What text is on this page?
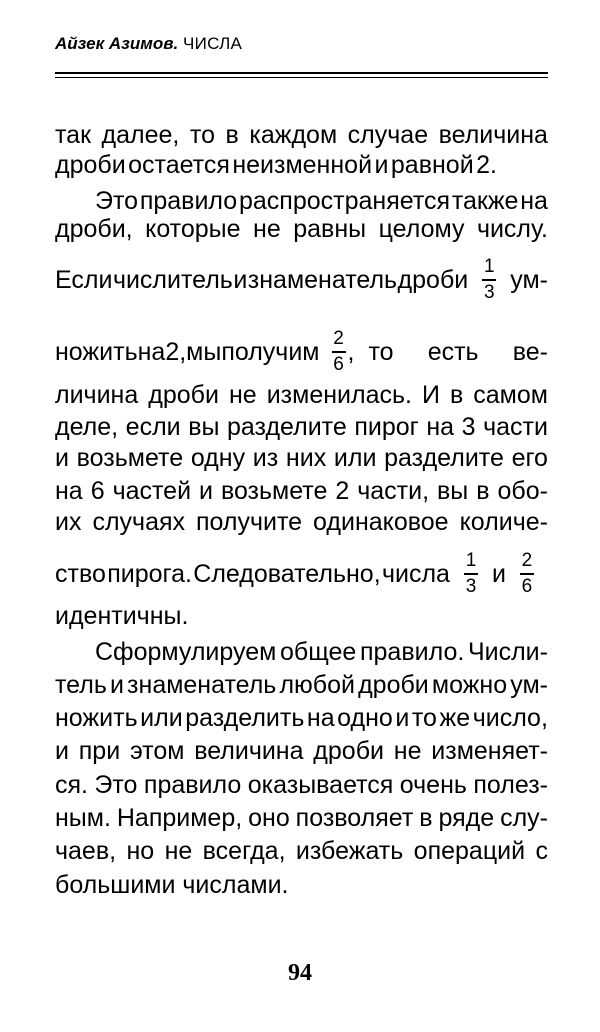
Айзек Азимов. ЧИСЛА
так далее, то в каждом случае величина
дроби остается неизменной и равной 2.
Это правило распространяется также на
дроби, которые не равны целому числу.
Если числитель и знаменатель дроби $\frac{1}{3} ум-$
ножить на 2, мы получим $\frac{2}{6}$ , то есть ве-
личина дроби не изменилась. И в самом
деле, если вы разделите пирог на 3 части
и возьмете одну из них или разделите его
на 6 частей и возьмете 2 части, вы в обо-
их случаях получите одинаковое количе-
ство пирога. Следовательно, числа $\frac{1}{3}$ и $\frac{2}{6}$
идентичны.
Сформулируем общее правило. Числи-
тель и знаменатель любой дроби можно ум-
ножить или разделить на одно и то же число,
и при этом величина дроби не изменяет-
ся. Это правило оказывается очень полез-
ным. Например, оно позволяет в ряде слу-
чаев, но не всегда, избежать операций с
большими числами.
94
